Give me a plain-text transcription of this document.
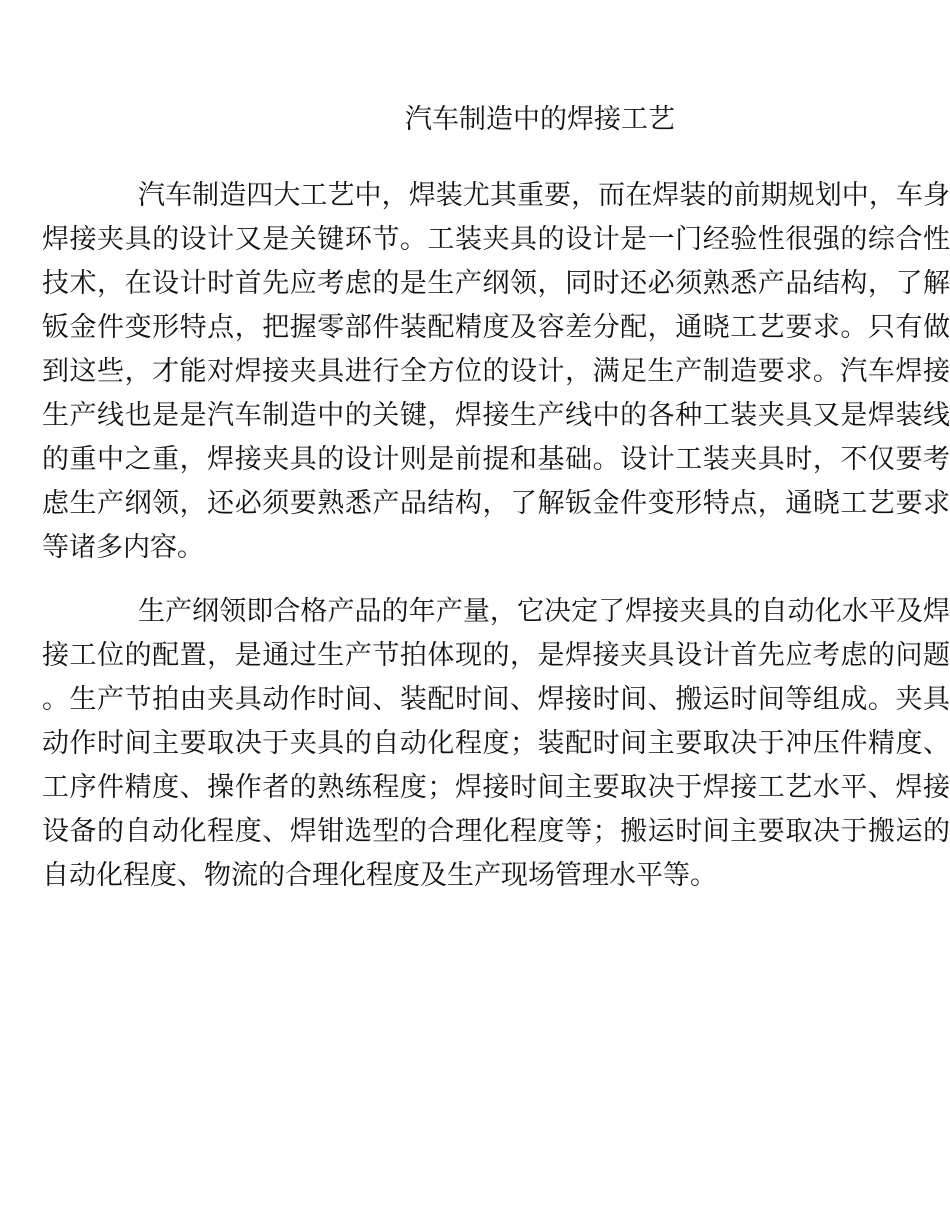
汽车制造中的焊接工艺

汽车制造四大工艺中，焊装尤其重要，而在焊装的前期规划中，车身焊接夹具的设计又是关键环节。工装夹具的设计是一门经验性很强的综合性技术，在设计时首先应考虑的是生产纲领，同时还必须熟悉产品结构，了解钣金件变形特点，把握零部件装配精度及容差分配，通晓工艺要求。只有做到这些，才能对焊接夹具进行全方位的设计，满足生产制造要求。汽车焊接生产线也是是汽车制造中的关键，焊接生产线中的各种工装夹具又是焊装线的重中之重，焊接夹具的设计则是前提和基础。设计工装夹具时，不仅要考虑生产纲领，还必须要熟悉产品结构，了解钣金件变形特点，通晓工艺要求等诸多内容。

生产纲领即合格产品的年产量，它决定了焊接夹具的自动化水平及焊接工位的配置，是通过生产节拍体现的，是焊接夹具设计首先应考虑的问题。生产节拍由夹具动作时间、装配时间、焊接时间、搬运时间等组成。夹具动作时间主要取决于夹具的自动化程度；装配时间主要取决于冲压件精度、工序件精度、操作者的熟练程度；焊接时间主要取决于焊接工艺水平、焊接设备的自动化程度、焊钳选型的合理化程度等；搬运时间主要取决于搬运的自动化程度、物流的合理化程度及生产现场管理水平等。
